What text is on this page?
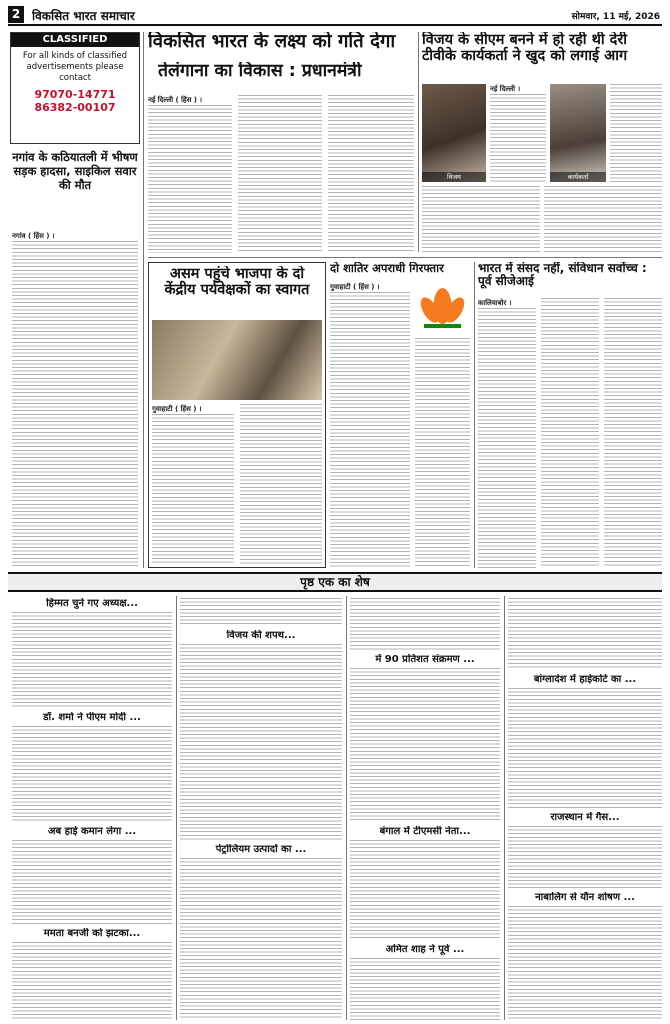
2 विकसित भारत समाचार	सोमवार, 11 मई, 2026
CLASSIFIED
For all kinds of classified advertisements please contact
97070-14771
86382-00107
नगांव के कठियातली में भीषण सड़क हादसा, साइकिल सवार की मौत
नगांव ( हिंस ) ।
विकसित भारत के लक्ष्य को गति देगा
तेलंगाना का विकास : प्रधानमंत्री
नई दिल्ली ( हिंस ) ।
विजय के सीएम बनने में हो रही थी देरी टीवीके कार्यकर्ता ने खुद को लगाई आग
विजय	कार्यकर्ता
नई दिल्ली ।
असम पहुंचे भाजपा के दो केंद्रीय पर्यवेक्षकों का स्वागत
गुवाहाटी ( हिंस ) ।
दो शातिर अपराधी गिरफ्तार
गुवाहाटी ( हिंस ) ।
भारत में संसद नहीं, संविधान सर्वोच्च : पूर्व सीजेआई
कालियाबोर ।
पृष्ठ एक का शेष
हिम्मत चुने गए अध्यक्ष...
डॉ. शर्मा ने पीएम मोदी ...
अब हाई कमान लेगा ...
ममता बनर्जी को झटका...
विजय की शपथ...
पेट्रोलियम उत्पादों का ...
में 90 प्रतिशत संक्रमण ...
बंगाल में टीएमसी नेता...
अमित शाह ने पूर्व ...
बांग्लादेश में हाईकोर्ट का ...
राजस्थान में गैस...
नाबालिग से यौन शोषण ...
